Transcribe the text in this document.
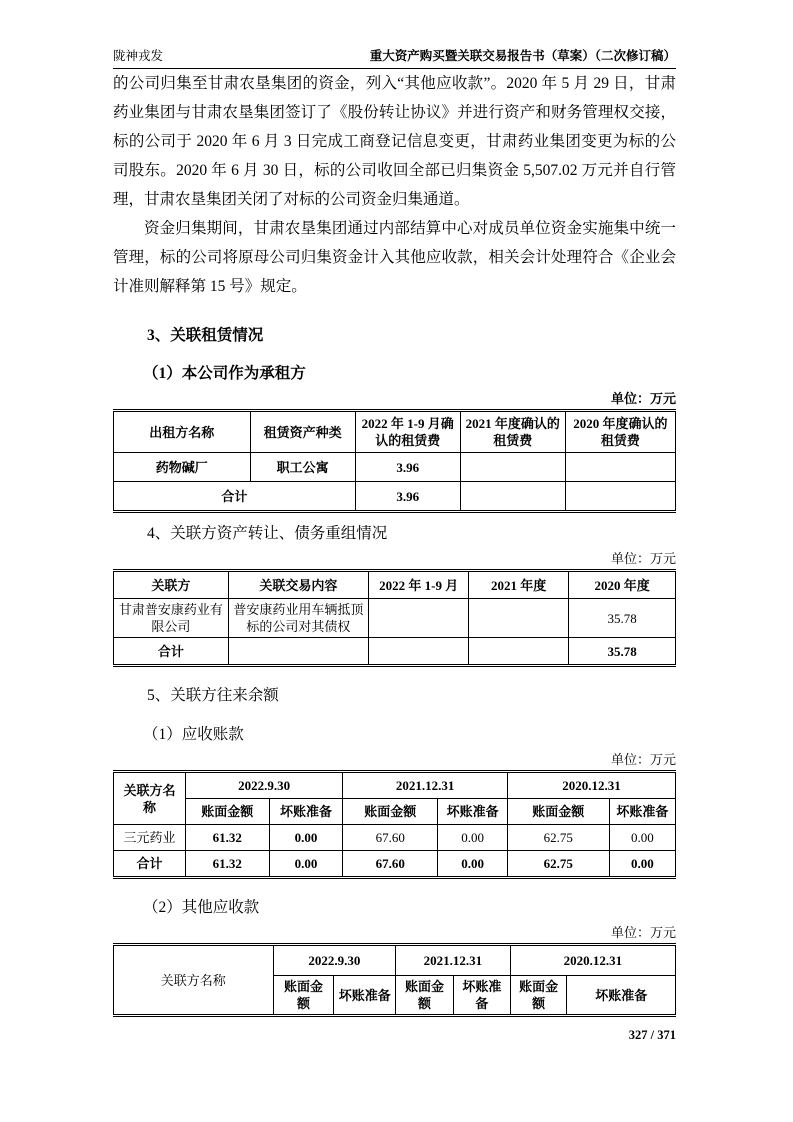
陇神戎发	重大资产购买暨关联交易报告书（草案）（二次修订稿）

的公司归集至甘肃农垦集团的资金，列入“其他应收款”。2020 年 5 月 29 日，甘肃药业集团与甘肃农垦集团签订了《股份转让协议》并进行资产和财务管理权交接，标的公司于 2020 年 6 月 3 日完成工商登记信息变更，甘肃药业集团变更为标的公司股东。2020 年 6 月 30 日，标的公司收回全部已归集资金 5,507.02 万元并自行管理，甘肃农垦集团关闭了对标的公司资金归集通道。

资金归集期间，甘肃农垦集团通过内部结算中心对成员单位资金实施集中统一管理，标的公司将原母公司归集资金计入其他应收款，相关会计处理符合《企业会计准则解释第 15 号》规定。

3、关联租赁情况

（1）本公司作为承租方

单位：万元
出租方名称	租赁资产种类	2022 年 1-9 月确认的租赁费	2021 年度确认的租赁费	2020 年度确认的租赁费
药物碱厂	职工公寓	3.96		
合计		3.96		

4、关联方资产转让、债务重组情况

单位：万元
关联方	关联交易内容	2022 年 1-9 月	2021 年度	2020 年度
甘肃普安康药业有限公司	普安康药业用车辆抵顶标的公司对其债权			35.78
合计				35.78

5、关联方往来余额

（1）应收账款

单位：万元
关联方名称	2022.9.30		2021.12.31		2020.12.31	
	账面金额	坏账准备	账面金额	坏账准备	账面金额	坏账准备
三元药业	61.32	0.00	67.60	0.00	62.75	0.00
合计	61.32	0.00	67.60	0.00	62.75	0.00

（2）其他应收款

单位：万元
关联方名称	2022.9.30		2021.12.31		2020.12.31	
	账面金额	坏账准备	账面金额	坏账准备	账面金额	坏账准备
327 / 371
